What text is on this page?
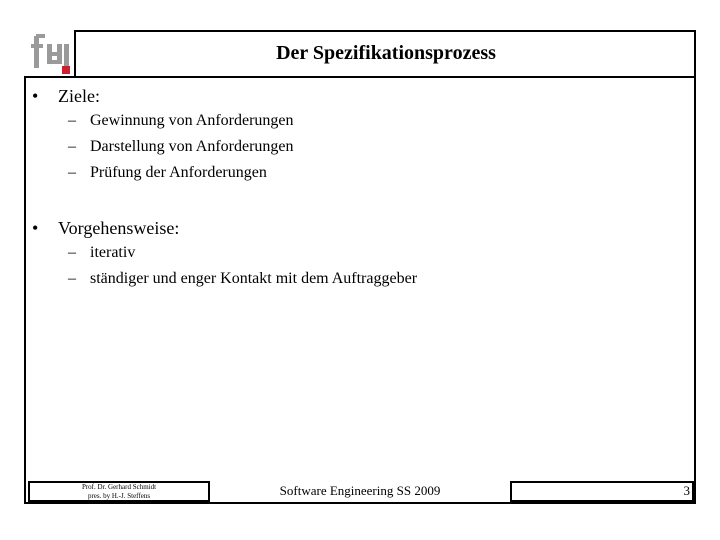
Der Spezifikationsprozess
• Ziele:
– Gewinnung von Anforderungen
– Darstellung von Anforderungen
– Prüfung der Anforderungen
• Vorgehensweise:
– iterativ
– ständiger und enger Kontakt mit dem Auftraggeber
Prof. Dr. Gerhard Schmidt
pres. by H.-J. Steffens	Software Engineering SS 2009	3
